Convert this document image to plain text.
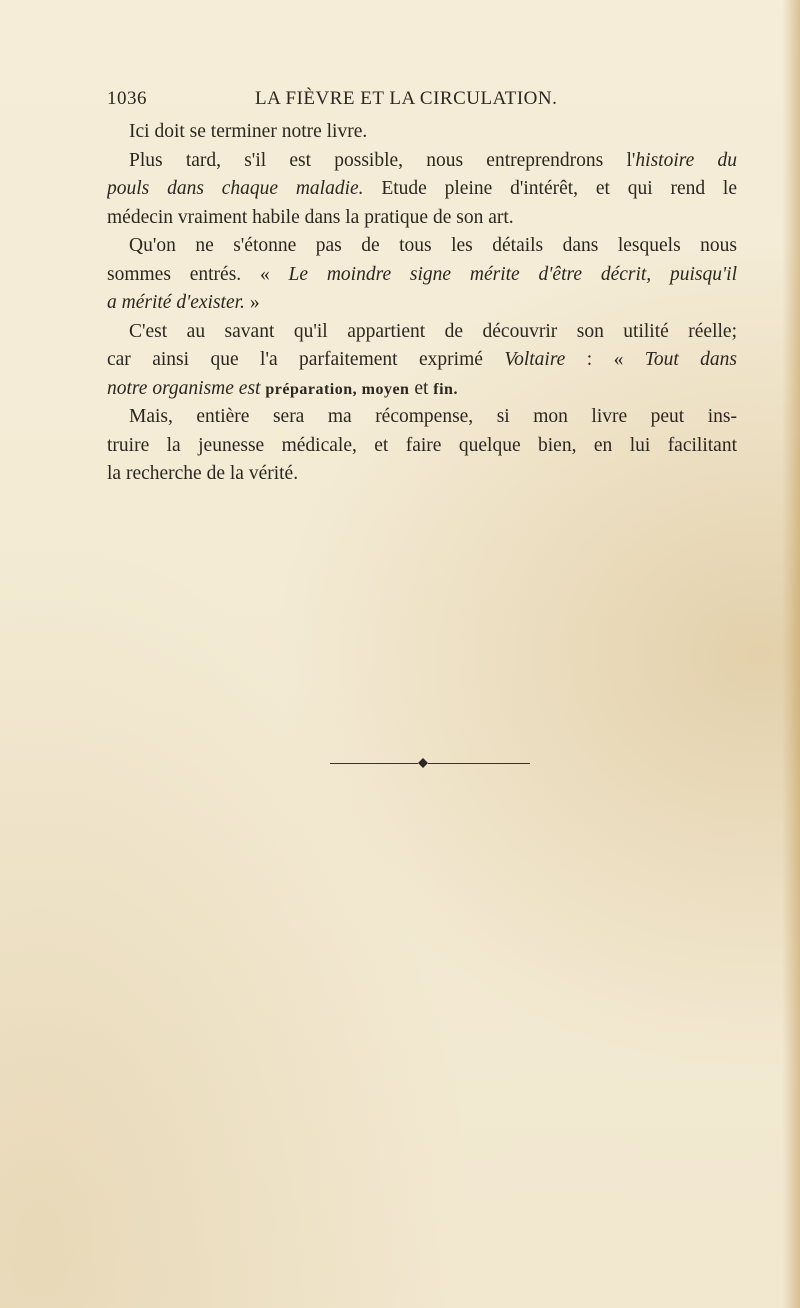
1036	LA FIÈVRE ET LA CIRCULATION.
Ici doit se terminer notre livre.
Plus tard, s'il est possible, nous entreprendrons l'histoire du
pouls dans chaque maladie. Etude pleine d'intérêt, et qui rend le
médecin vraiment habile dans la pratique de son art.
Qu'on ne s'étonne pas de tous les détails dans lesquels nous
sommes entrés. « Le moindre signe mérite d'être décrit, puisqu'il
a mérité d'exister. »
C'est au savant qu'il appartient de découvrir son utilité réelle;
car ainsi que l'a parfaitement exprimé Voltaire : « Tout dans
notre organisme est préparation, moyen et fin.
Mais, entière sera ma récompense, si mon livre peut ins-
truire la jeunesse médicale, et faire quelque bien, en lui facilitant
la recherche de la vérité.
